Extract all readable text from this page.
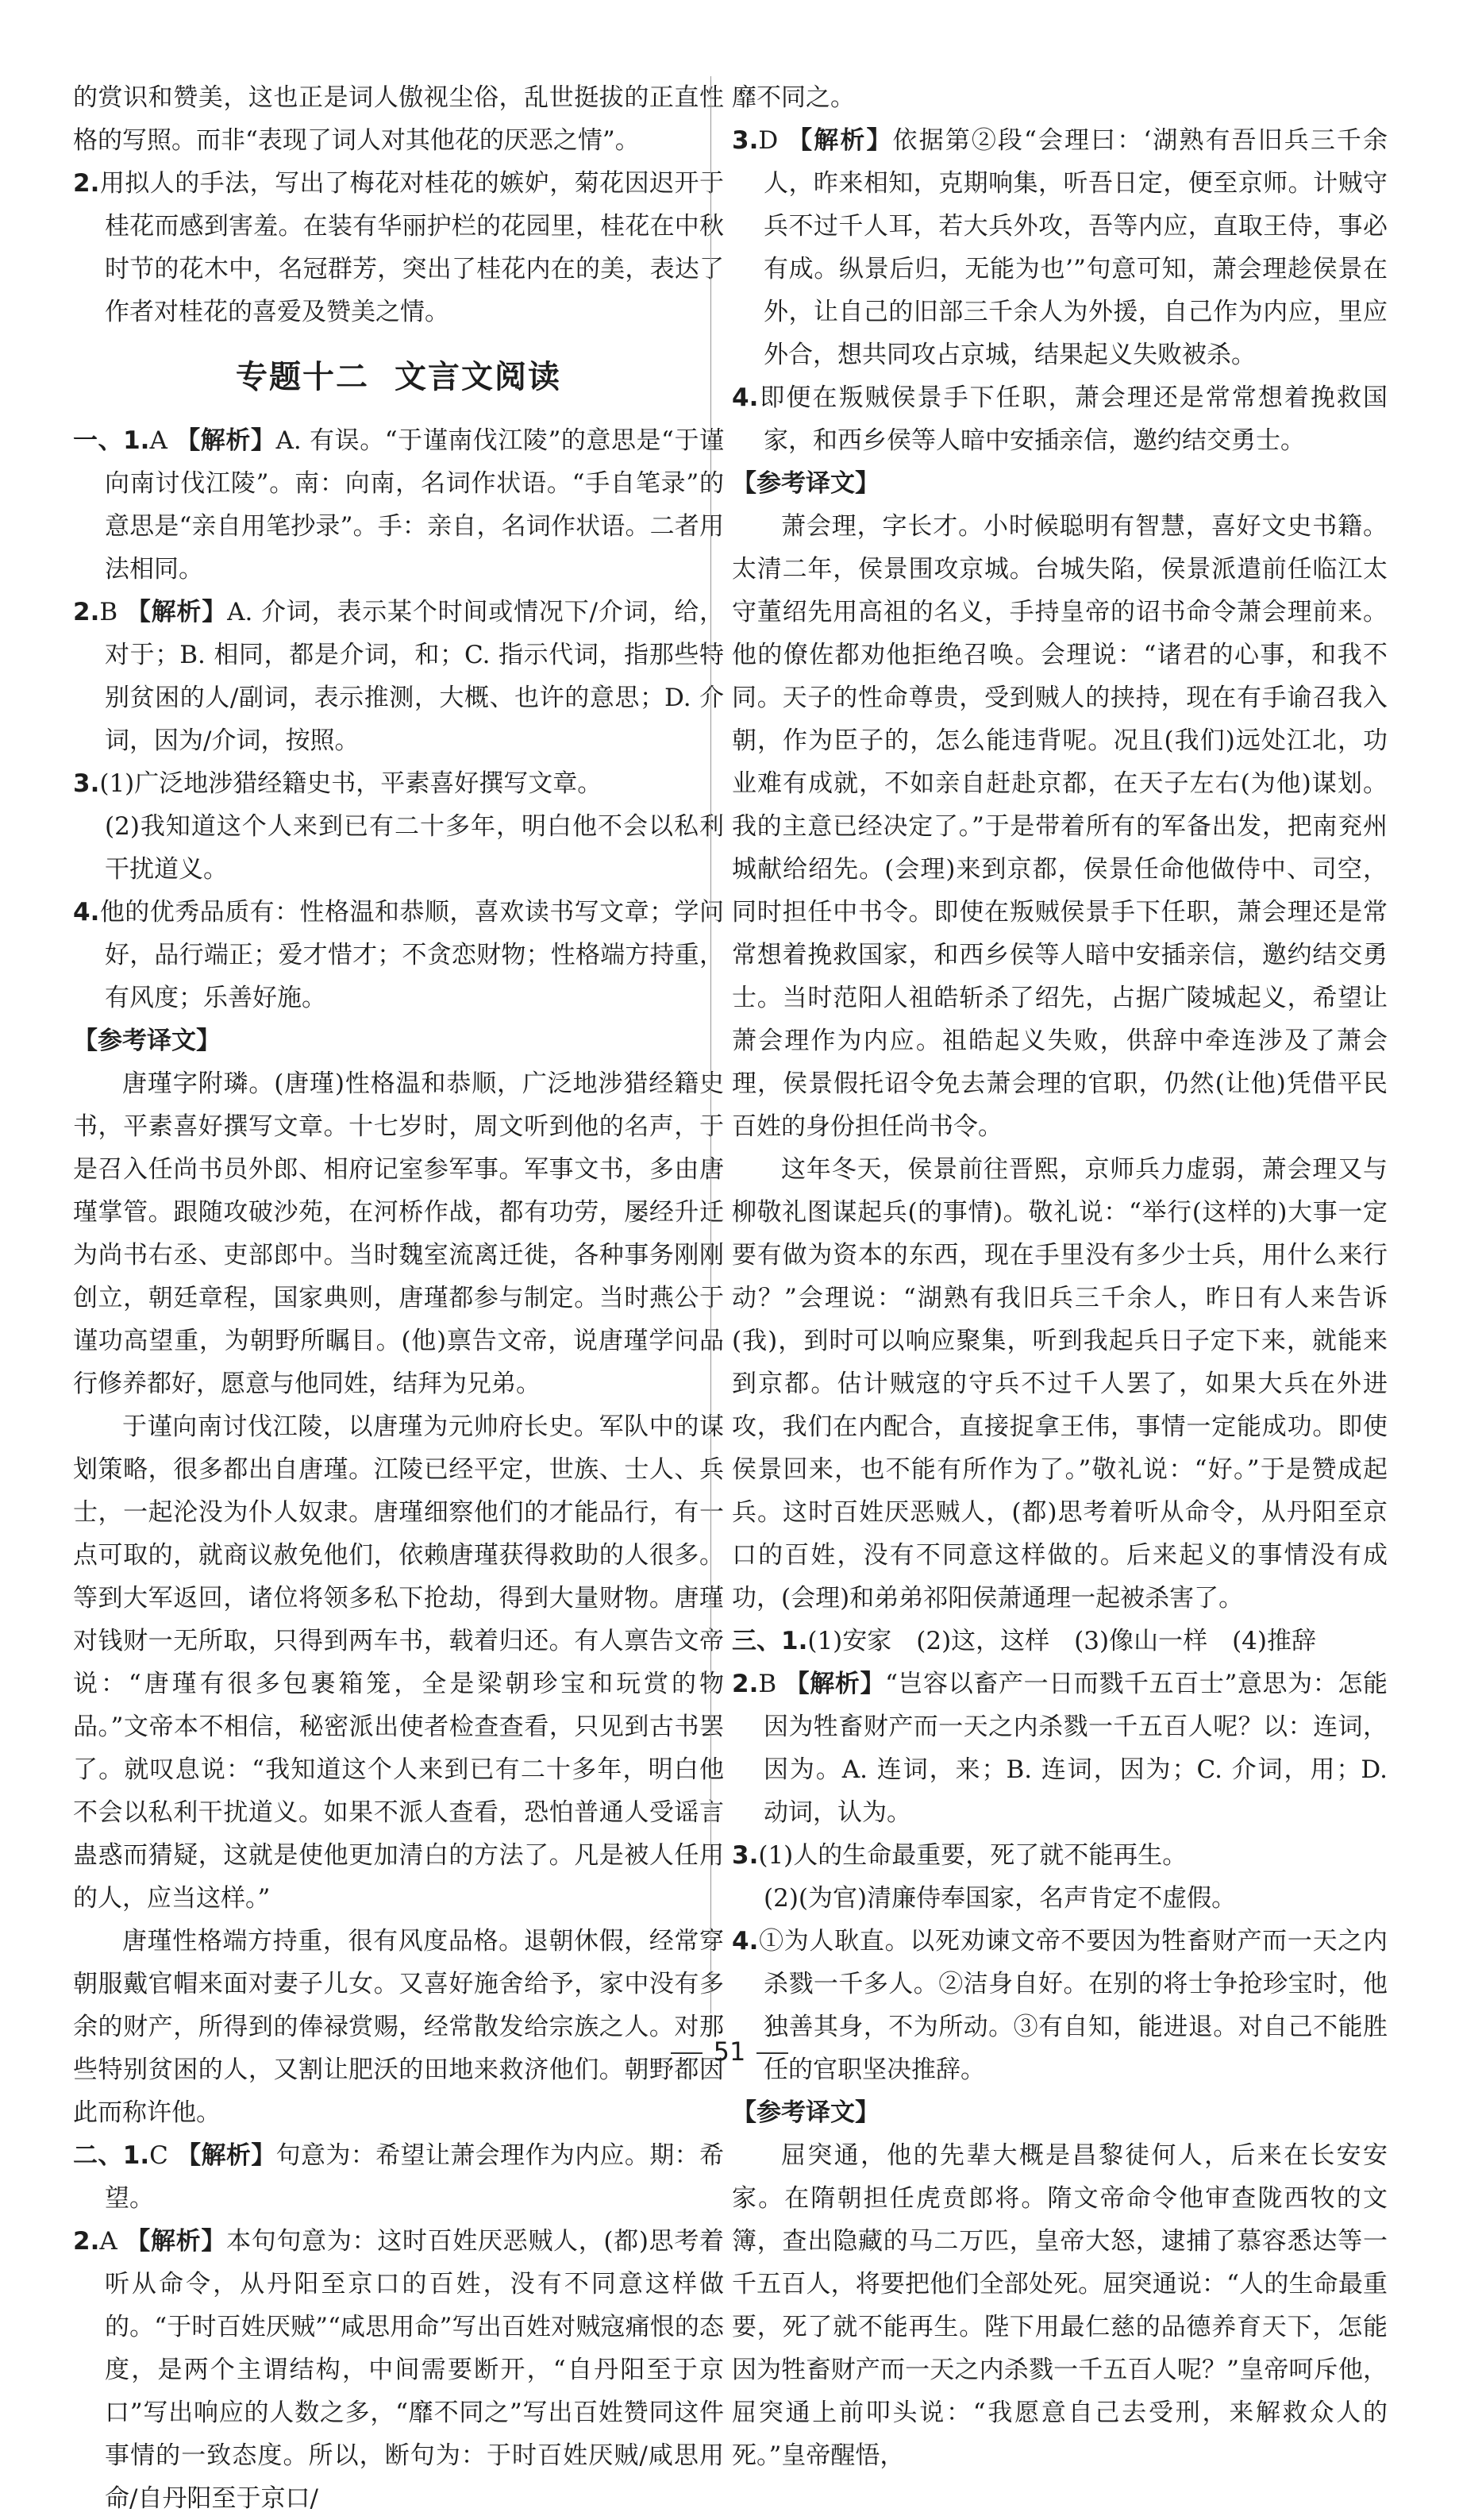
的赏识和赞美，这也正是词人傲视尘俗，乱世挺拔的正直性格的写照。而非“表现了词人对其他花的厌恶之情”。

2.用拟人的手法，写出了梅花对桂花的嫉妒，菊花因迟开于桂花而感到害羞。在装有华丽护栏的花园里，桂花在中秋时节的花木中，名冠群芳，突出了桂花内在的美，表达了作者对桂花的喜爱及赞美之情。

专题十二 文言文阅读

一、1.A 【解析】A. 有误。“于谨南伐江陵”的意思是“于谨向南讨伐江陵”。南：向南，名词作状语。“手自笔录”的意思是“亲自用笔抄录”。手：亲自，名词作状语。二者用法相同。

2.B 【解析】A. 介词，表示某个时间或情况下/介词，给，对于；B. 相同，都是介词，和；C. 指示代词，指那些特别贫困的人/副词，表示推测，大概、也许的意思；D. 介词，因为/介词，按照。

3.(1)广泛地涉猎经籍史书，平素喜好撰写文章。

(2)我知道这个人来到已有二十多年，明白他不会以私利干扰道义。

4.他的优秀品质有：性格温和恭顺，喜欢读书写文章；学问好，品行端正；爱才惜才；不贪恋财物；性格端方持重，有风度；乐善好施。

【参考译文】

唐瑾字附璘。(唐瑾)性格温和恭顺，广泛地涉猎经籍史书，平素喜好撰写文章。十七岁时，周文听到他的名声，于是召入任尚书员外郎、相府记室参军事。军事文书，多由唐瑾掌管。跟随攻破沙苑，在河桥作战，都有功劳，屡经升迁为尚书右丞、吏部郎中。当时魏室流离迁徙，各种事务刚刚创立，朝廷章程，国家典则，唐瑾都参与制定。当时燕公于谨功高望重，为朝野所瞩目。(他)禀告文帝，说唐瑾学问品行修养都好，愿意与他同姓，结拜为兄弟。

于谨向南讨伐江陵，以唐瑾为元帅府长史。军队中的谋划策略，很多都出自唐瑾。江陵已经平定，世族、士人、兵士，一起沦没为仆人奴隶。唐瑾细察他们的才能品行，有一点可取的，就商议赦免他们，依赖唐瑾获得救助的人很多。等到大军返回，诸位将领多私下抢劫，得到大量财物。唐瑾对钱财一无所取，只得到两车书，载着归还。有人禀告文帝说：“唐瑾有很多包裹箱笼，全是梁朝珍宝和玩赏的物品。”文帝本不相信，秘密派出使者检查查看，只见到古书罢了。就叹息说：“我知道这个人来到已有二十多年，明白他不会以私利干扰道义。如果不派人查看，恐怕普通人受谣言蛊惑而猜疑，这就是使他更加清白的方法了。凡是被人任用的人，应当这样。”

唐瑾性格端方持重，很有风度品格。退朝休假，经常穿朝服戴官帽来面对妻子儿女。又喜好施舍给予，家中没有多余的财产，所得到的俸禄赏赐，经常散发给宗族之人。对那些特别贫困的人，又割让肥沃的田地来救济他们。朝野都因此而称许他。

二、1.C 【解析】句意为：希望让萧会理作为内应。期：希望。

2.A 【解析】本句句意为：这时百姓厌恶贼人，(都)思考着听从命令，从丹阳至京口的百姓，没有不同意这样做的。“于时百姓厌贼”“咸思用命”写出百姓对贼寇痛恨的态度，是两个主谓结构，中间需要断开，“自丹阳至于京口”写出响应的人数之多，“靡不同之”写出百姓赞同这件事情的一致态度。所以，断句为：于时百姓厌贼/咸思用命/自丹阳至于京口/

靡不同之。

3.D 【解析】依据第②段“会理曰：‘湖熟有吾旧兵三千余人，昨来相知，克期响集，听吾日定，便至京师。计贼守兵不过千人耳，若大兵外攻，吾等内应，直取王侍，事必有成。纵景后归，无能为也’”句意可知，萧会理趁侯景在外，让自己的旧部三千余人为外援，自己作为内应，里应外合，想共同攻占京城，结果起义失败被杀。

4.即便在叛贼侯景手下任职，萧会理还是常常想着挽救国家，和西乡侯等人暗中安插亲信，邀约结交勇士。

【参考译文】

萧会理，字长才。小时候聪明有智慧，喜好文史书籍。太清二年，侯景围攻京城。台城失陷，侯景派遣前任临江太守董绍先用高祖的名义，手持皇帝的诏书命令萧会理前来。他的僚佐都劝他拒绝召唤。会理说：“诸君的心事，和我不同。天子的性命尊贵，受到贼人的挟持，现在有手谕召我入朝，作为臣子的，怎么能违背呢。况且(我们)远处江北，功业难有成就，不如亲自赶赴京都，在天子左右(为他)谋划。我的主意已经决定了。”于是带着所有的军备出发，把南兖州城献给绍先。(会理)来到京都，侯景任命他做侍中、司空，同时担任中书令。即使在叛贼侯景手下任职，萧会理还是常常想着挽救国家，和西乡侯等人暗中安插亲信，邀约结交勇士。当时范阳人祖皓斩杀了绍先，占据广陵城起义，希望让萧会理作为内应。祖皓起义失败，供辞中牵连涉及了萧会理，侯景假托诏令免去萧会理的官职，仍然(让他)凭借平民百姓的身份担任尚书令。

这年冬天，侯景前往晋熙，京师兵力虚弱，萧会理又与柳敬礼图谋起兵(的事情)。敬礼说：“举行(这样的)大事一定要有做为资本的东西，现在手里没有多少士兵，用什么来行动？”会理说：“湖熟有我旧兵三千余人，昨日有人来告诉(我)，到时可以响应聚集，听到我起兵日子定下来，就能来到京都。估计贼寇的守兵不过千人罢了，如果大兵在外进攻，我们在内配合，直接捉拿王伟，事情一定能成功。即使侯景回来，也不能有所作为了。”敬礼说：“好。”于是赞成起兵。这时百姓厌恶贼人，(都)思考着听从命令，从丹阳至京口的百姓，没有不同意这样做的。后来起义的事情没有成功，(会理)和弟弟祁阳侯萧通理一起被杀害了。

三、1.(1)安家　(2)这，这样　(3)像山一样　(4)推辞

2.B 【解析】“岂容以畜产一日而戮千五百士”意思为：怎能因为牲畜财产而一天之内杀戮一千五百人呢？以：连词，因为。A. 连词，来；B. 连词，因为；C. 介词，用；D. 动词，认为。

3.(1)人的生命最重要，死了就不能再生。

(2)(为官)清廉侍奉国家，名声肯定不虚假。

4.①为人耿直。以死劝谏文帝不要因为牲畜财产而一天之内杀戮一千多人。②洁身自好。在别的将士争抢珍宝时，他独善其身，不为所动。③有自知，能进退。对自己不能胜任的官职坚决推辞。

【参考译文】

屈突通，他的先辈大概是昌黎徒何人，后来在长安安家。在隋朝担任虎贲郎将。隋文帝命令他审查陇西牧的文簿，查出隐藏的马二万匹，皇帝大怒，逮捕了慕容悉达等一千五百人，将要把他们全部处死。屈突通说：“人的生命最重要，死了就不能再生。陛下用最仁慈的品德养育天下，怎能因为牲畜财产而一天之内杀戮一千五百人呢？”皇帝呵斥他，屈突通上前叩头说：“我愿意自己去受刑，来解救众人的死。”皇帝醒悟，

51
